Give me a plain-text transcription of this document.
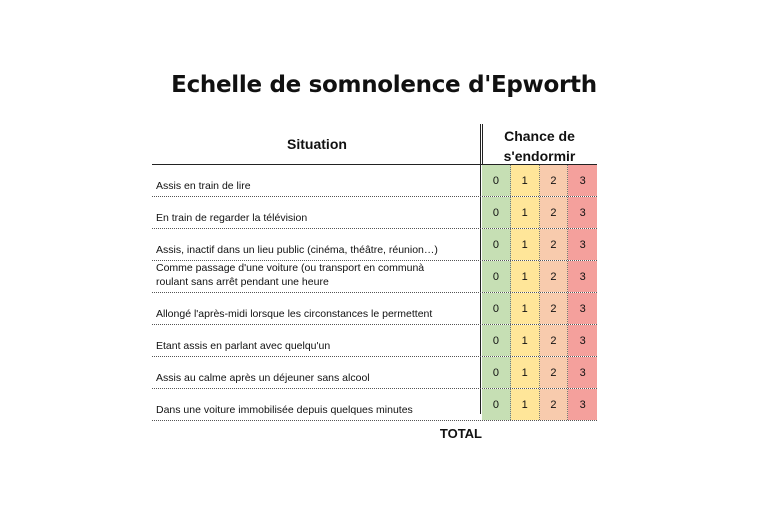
Echelle de somnolence d'Epworth
Situation	Chance de
s'endormir
Assis en train de lire	0	1	2	3
En train de regarder la télévision	0	1	2	3
Assis, inactif dans un lieu public (cinéma, théâtre, réunion…)	0	1	2	3
Comme passage d'une voiture (ou transport en communà
roulant sans arrêt pendant une heure	0	1	2	3
Allongé l'après-midi lorsque les circonstances le permettent	0	1	2	3
Etant assis en parlant avec quelqu'un	0	1	2	3
Assis au calme après un déjeuner sans alcool	0	1	2	3
Dans une voiture immobilisée depuis quelques minutes	0	1	2	3
TOTAL
